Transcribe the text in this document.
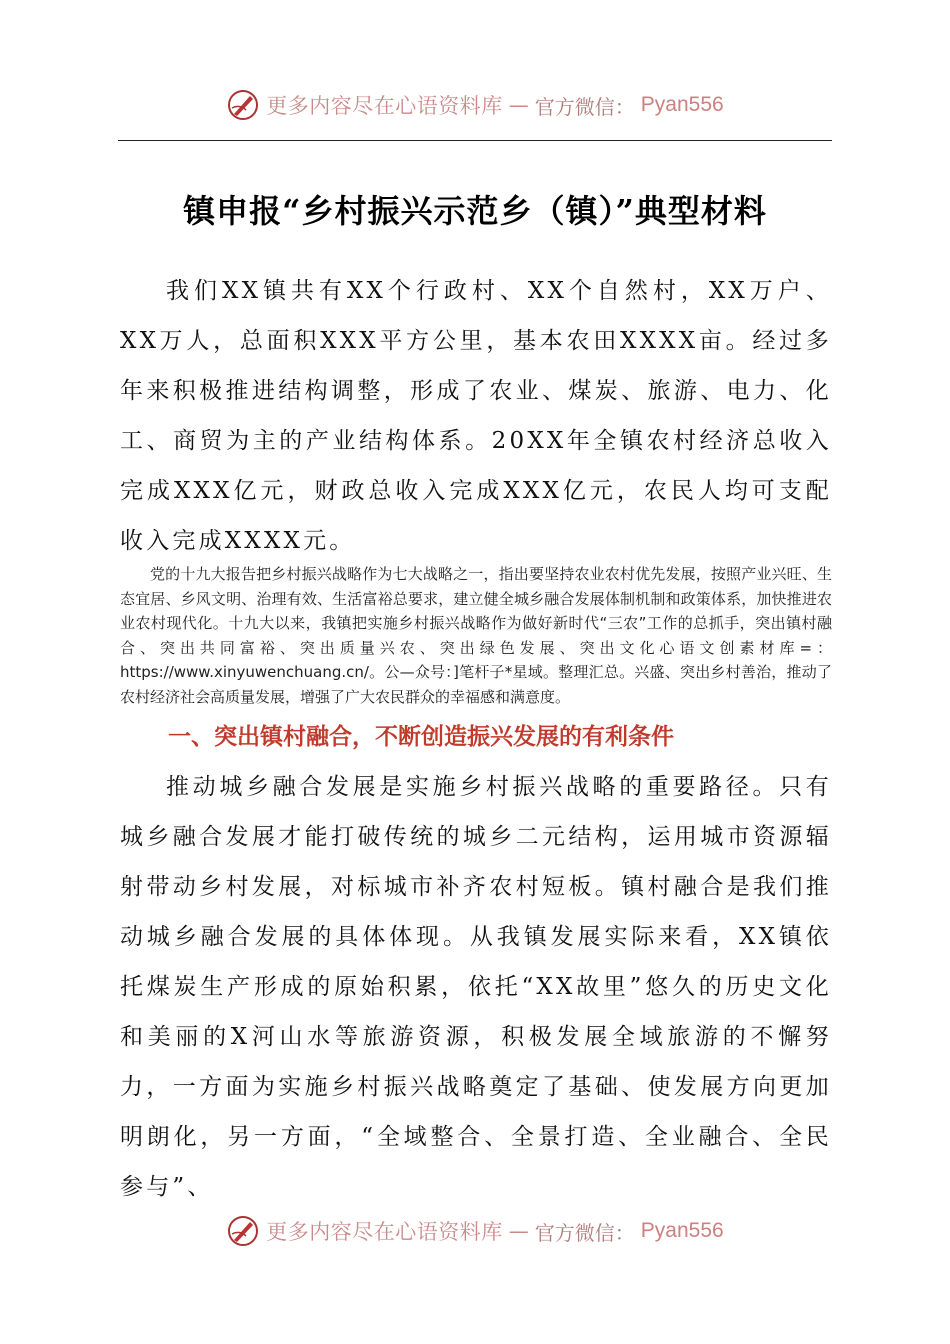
更多内容尽在心语资料库 — 官方微信： Pyan556
镇申报“乡村振兴示范乡（镇）”典型材料

我们XX镇共有XX个行政村、XX个自然村，XX万户、XX万人，总面积XXX平方公里，基本农田XXXX亩。经过多年来积极推进结构调整，形成了农业、煤炭、旅游、电力、化工、商贸为主的产业结构体系。20XX年全镇农村经济总收入完成XXX亿元，财政总收入完成XXX亿元，农民人均可支配收入完成XXXX元。

党的十九大报告把乡村振兴战略作为七大战略之一，指出要坚持农业农村优先发展，按照产业兴旺、生态宜居、乡风文明、治理有效、生活富裕总要求，建立健全城乡融合发展体制机制和政策体系，加快推进农业农村现代化。十九大以来，我镇把实施乡村振兴战略作为做好新时代“三农”工作的总抓手，突出镇村融合、突出共同富裕、突出质量兴农、突出绿色发展、突出文化心语文创素材库=：https://www.xinyuwenchuang.cn/。公—众号：]笔杆子*星域。整理汇总。兴盛、突出乡村善治，推动了农村经济社会高质量发展，增强了广大农民群众的幸福感和满意度。

一、突出镇村融合，不断创造振兴发展的有利条件

推动城乡融合发展是实施乡村振兴战略的重要路径。只有城乡融合发展才能打破传统的城乡二元结构，运用城市资源辐射带动乡村发展，对标城市补齐农村短板。镇村融合是我们推动城乡融合发展的具体体现。从我镇发展实际来看，XX镇依托煤炭生产形成的原始积累，依托“XX故里”悠久的历史文化和美丽的X河山水等旅游资源，积极发展全域旅游的不懈努力，一方面为实施乡村振兴战略奠定了基础、使发展方向更加明朗化，另一方面，“全域整合、全景打造、全业融合、全民参与”、

更多内容尽在心语资料库 — 官方微信： Pyan556
